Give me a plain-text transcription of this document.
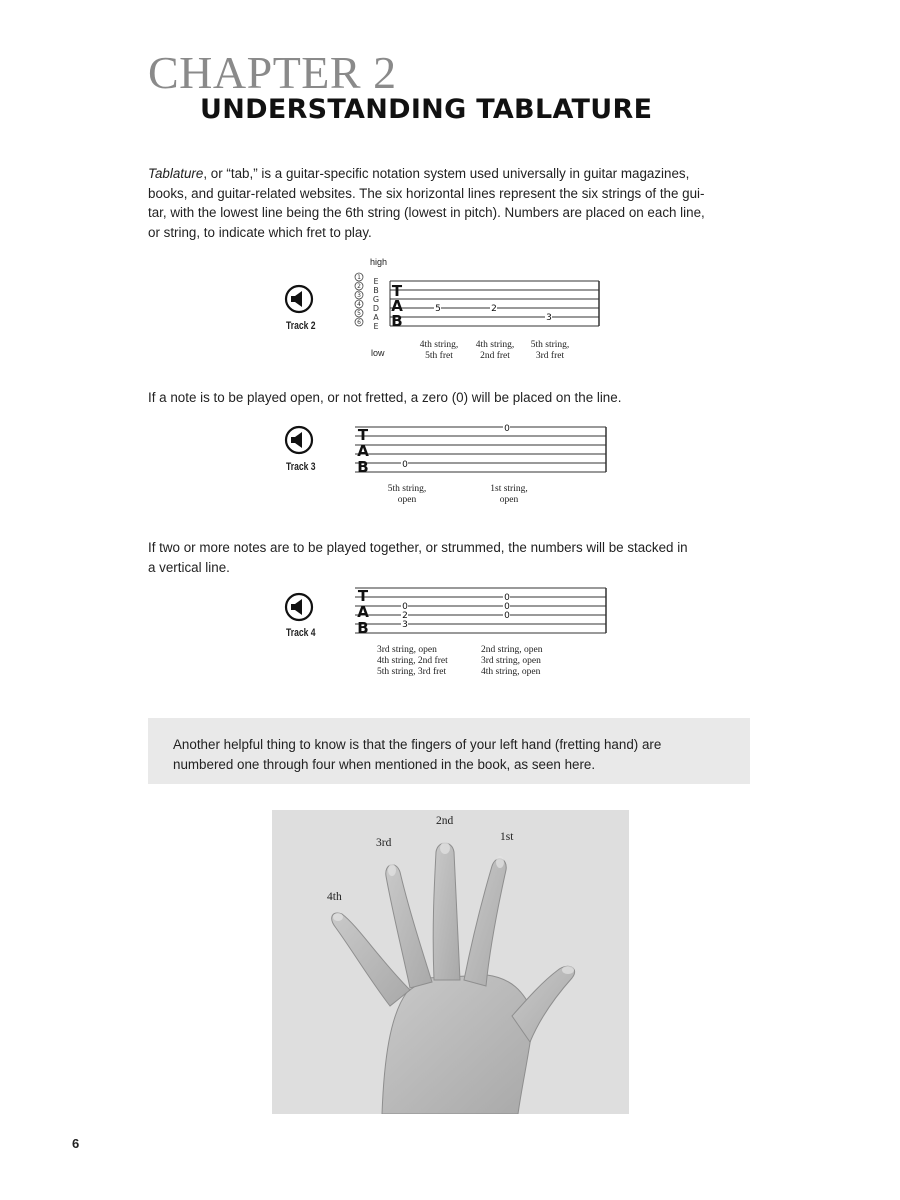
CHAPTER 2
UNDERSTANDING TABLATURE
Tablature, or “tab,” is a guitar-specific notation system used universally in guitar magazines,
books, and guitar-related websites. The six horizontal lines represent the six strings of the gui-
tar, with the lowest line being the 6th string (lowest in pitch). Numbers are placed on each line,
or string, to indicate which fret to play.
Track 2
high
low
1
2
3
4
5
6
E
B
G
D
A
E
T
A
B
5	2
3
4th string,
5th fret
4th string,
2nd fret
5th string,
3rd fret
If a note is to be played open, or not fretted, a zero (0) will be placed on the line.
Track 3
T
A
B	0
0
5th string,
open
1st string,
open
If two or more notes are to be played together, or strummed, the numbers will be stacked in
a vertical line.
Track 4
T
A
B
0
2
3
0
0
0
3rd string, open
4th string, 2nd fret
5th string, 3rd fret
2nd string, open
3rd string, open
4th string, open
Another helpful thing to know is that the fingers of your left hand (fretting hand) are
numbered one through four when mentioned in the book, as seen here.
4th
3rd
2nd
1st
6
